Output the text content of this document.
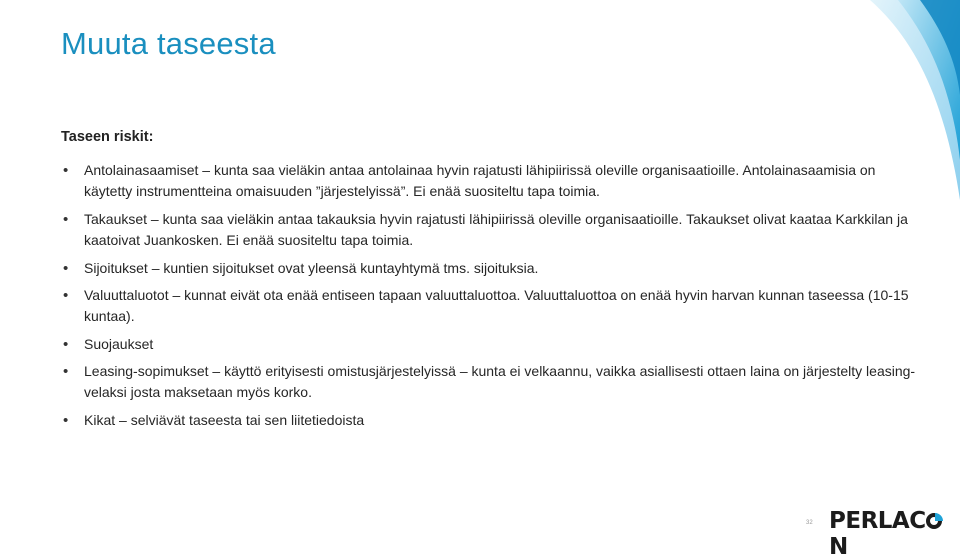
Muuta taseesta
Taseen riskit:
• Antolainasaamiset – kunta saa vieläkin antaa antolainaa hyvin rajatusti lähipiirissä oleville organisaatioille. Antolainasaamisia on käytetty instrumentteina omaisuuden ”järjestelyissä”. Ei enää suositeltu tapa toimia.
• Takaukset – kunta saa vieläkin antaa takauksia hyvin rajatusti lähipiirissä oleville organisaatioille. Takaukset olivat kaataa Karkkilan ja kaatoivat Juankosken. Ei enää suositeltu tapa toimia.
• Sijoitukset – kuntien sijoitukset ovat yleensä kuntayhtymä tms. sijoituksia.
• Valuuttaluotot – kunnat eivät ota enää entiseen tapaan valuuttaluottoa. Valuuttaluottoa on enää hyvin harvan kunnan taseessa (10-15 kuntaa).
• Suojaukset
• Leasing-sopimukset – käyttö erityisesti omistusjärjestelyissä – kunta ei velkaannu, vaikka asiallisesti ottaen laina on järjestelty leasing-velaksi josta maksetaan myös korko.
• Kikat – selviävät taseesta tai sen liitetiedoista
32 PERLACN
